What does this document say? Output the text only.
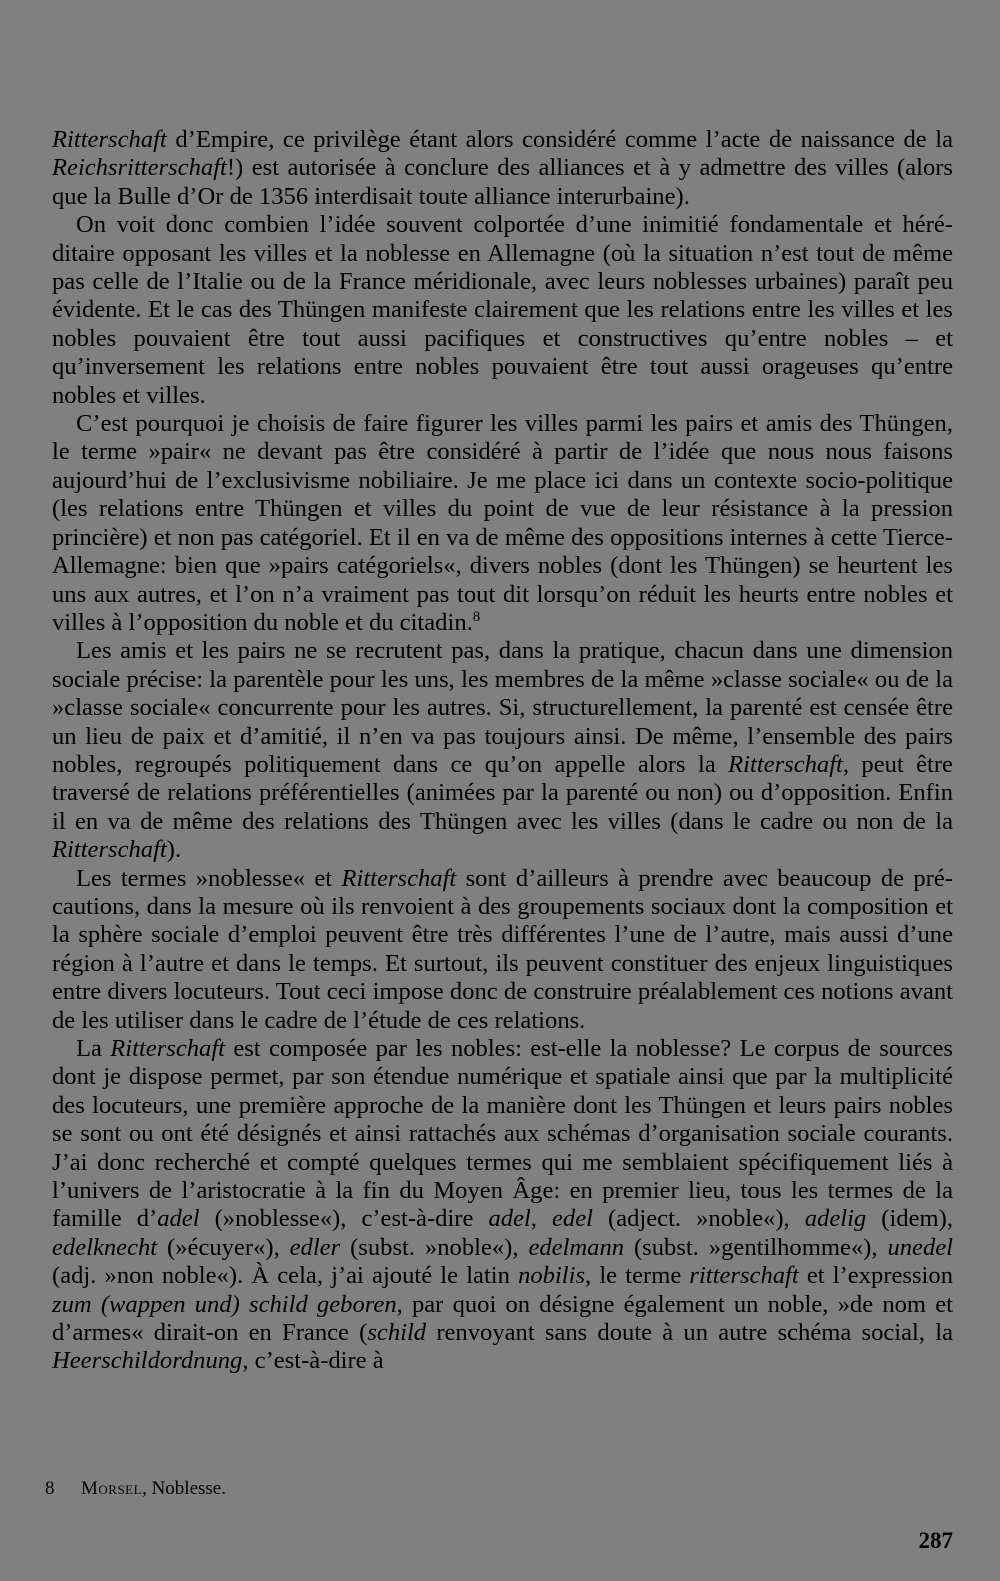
Ritterschaft d’Empire, ce privilège étant alors considéré comme l’acte de naissance de la Reichsritterschaft!) est autorisée à conclure des alliances et à y admettre des villes (alors que la Bulle d’Or de 1356 interdisait toute alliance interurbaine).

On voit donc combien l’idée souvent colportée d’une inimitié fondamentale et héréditaire opposant les villes et la noblesse en Allemagne (où la situation n’est tout de même pas celle de l’Italie ou de la France méridionale, avec leurs noblesses urbaines) paraît peu évidente. Et le cas des Thüngen manifeste clairement que les relations entre les villes et les nobles pouvaient être tout aussi pacifiques et constructives qu’entre nobles – et qu’inversement les relations entre nobles pouvaient être tout aussi orageuses qu’entre nobles et villes.

C’est pourquoi je choisis de faire figurer les villes parmi les pairs et amis des Thüngen, le terme »pair« ne devant pas être considéré à partir de l’idée que nous nous faisons aujourd’hui de l’exclusivisme nobiliaire. Je me place ici dans un contexte socio-politique (les relations entre Thüngen et villes du point de vue de leur résistance à la pression princière) et non pas catégoriel. Et il en va de même des oppositions internes à cette Tierce-Allemagne: bien que »pairs catégoriels«, divers nobles (dont les Thüngen) se heurtent les uns aux autres, et l’on n’a vraiment pas tout dit lorsqu’on réduit les heurts entre nobles et villes à l’opposition du noble et du citadin.$^8$

Les amis et les pairs ne se recrutent pas, dans la pratique, chacun dans une dimension sociale précise: la parentèle pour les uns, les membres de la même »classe sociale« ou de la »classe sociale« concurrente pour les autres. Si, structurellement, la parenté est censée être un lieu de paix et d’amitié, il n’en va pas toujours ainsi. De même, l’ensemble des pairs nobles, regroupés politiquement dans ce qu’on appelle alors la Ritterschaft, peut être traversé de relations préférentielles (animées par la parenté ou non) ou d’opposition. Enfin il en va de même des relations des Thüngen avec les villes (dans le cadre ou non de la Ritterschaft).

Les termes »noblesse« et Ritterschaft sont d’ailleurs à prendre avec beaucoup de précautions, dans la mesure où ils renvoient à des groupements sociaux dont la composition et la sphère sociale d’emploi peuvent être très différentes l’une de l’autre, mais aussi d’une région à l’autre et dans le temps. Et surtout, ils peuvent constituer des enjeux linguistiques entre divers locuteurs. Tout ceci impose donc de construire préalablement ces notions avant de les utiliser dans le cadre de l’étude de ces relations.

La Ritterschaft est composée par les nobles: est-elle la noblesse? Le corpus de sources dont je dispose permet, par son étendue numérique et spatiale ainsi que par la multiplicité des locuteurs, une première approche de la manière dont les Thüngen et leurs pairs nobles se sont ou ont été désignés et ainsi rattachés aux schémas d’organisation sociale courants. J’ai donc recherché et compté quelques termes qui me semblaient spécifiquement liés à l’univers de l’aristocratie à la fin du Moyen Âge: en premier lieu, tous les termes de la famille d’adel (»noblesse«), c’est-à-dire adel, edel (adject. »noble«), adelig (idem), edelknecht (»écuyer«), edler (subst. »noble«), edelmann (subst. »gentilhomme«), unedel (adj. »non noble«). À cela, j’ai ajouté le latin nobilis, le terme ritterschaft et l’expression zum (wappen und) schild geboren, par quoi on désigne également un noble, »de nom et d’armes« dirait-on en France (schild renvoyant sans doute à un autre schéma social, la Heerschildordnung, c’est-à-dire à

8 Morsel, Noblesse.
287
